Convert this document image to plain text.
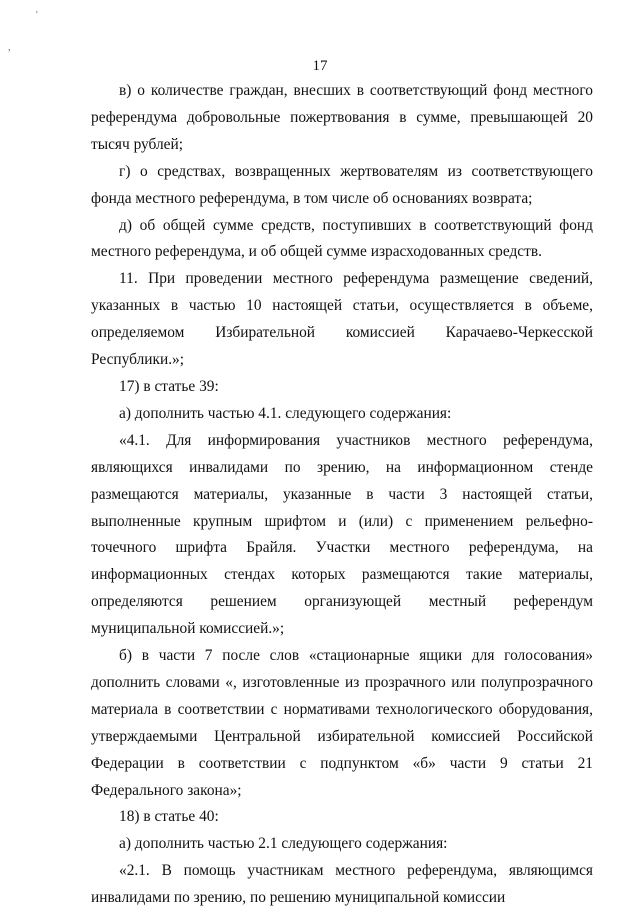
'
,
17

в) о количестве граждан, внесших в соответствующий фонд местного референдума добровольные пожертвования в сумме, превышающей 20 тысяч рублей;

г) о средствах, возвращенных жертвователям из соответствующего фонда местного референдума, в том числе об основаниях возврата;

д) об общей сумме средств, поступивших в соответствующий фонд местного референдума, и об общей сумме израсходованных средств.

11. При проведении местного референдума размещение сведений, указанных в частью 10 настоящей статьи, осуществляется в объеме, определяемом Избирательной комиссией Карачаево-Черкесской Республики.»;

17) в статье 39:

а) дополнить частью 4.1. следующего содержания:

«4.1. Для информирования участников местного референдума, являющихся инвалидами по зрению, на информационном стенде размещаются материалы, указанные в части 3 настоящей статьи, выполненные крупным шрифтом и (или) с применением рельефно-точечного шрифта Брайля. Участки местного референдума, на информационных стендах которых размещаются такие материалы, определяются решением организующей местный референдум муниципальной комиссией.»;

б) в части 7 после слов «стационарные ящики для голосования» дополнить словами «, изготовленные из прозрачного или полупрозрачного материала в соответствии с нормативами технологического оборудования, утверждаемыми Центральной избирательной комиссией Российской Федерации в соответствии с подпунктом «б» части 9 статьи 21 Федерального закона»;

18) в статье 40:

а) дополнить частью 2.1 следующего содержания:

«2.1. В помощь участникам местного референдума, являющимся инвалидами по зрению, по решению муниципальной комиссии
